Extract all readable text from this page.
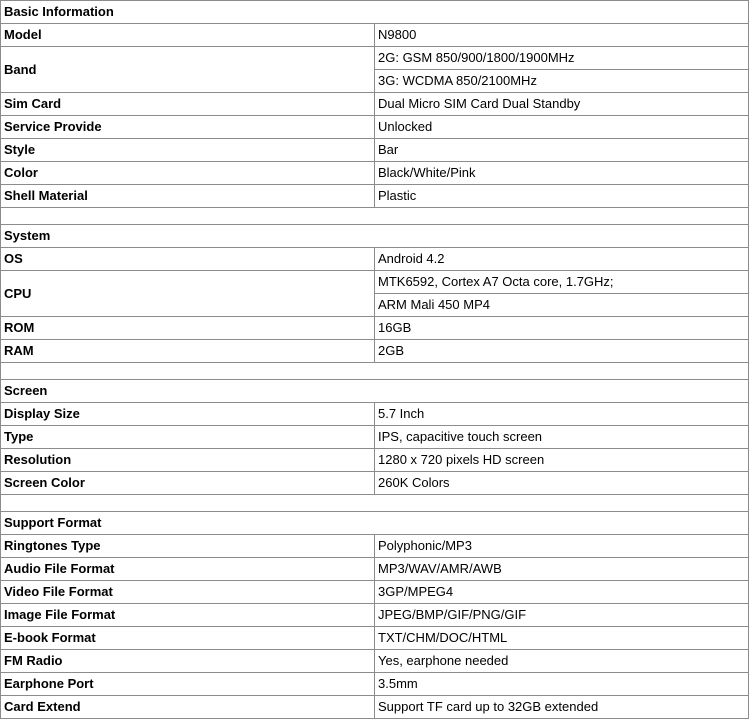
Basic Information	
Model	N9800
Band	2G: GSM 850/900/1800/1900MHz
	3G: WCDMA 850/2100MHz
Sim Card	Dual Micro SIM Card Dual Standby
Service Provide	Unlocked
Style	Bar
Color	Black/White/Pink
Shell Material	Plastic

System	
OS	Android 4.2
CPU	MTK6592, Cortex A7 Octa core, 1.7GHz;
	ARM Mali 450 MP4
ROM	16GB
RAM	2GB

Screen	
Display Size	5.7 Inch
Type	IPS, capacitive touch screen
Resolution	1280 x 720 pixels HD screen
Screen Color	260K Colors

Support Format	
Ringtones Type	Polyphonic/MP3
Audio File Format	MP3/WAV/AMR/AWB
Video File Format	3GP/MPEG4
Image File Format	JPEG/BMP/GIF/PNG/GIF
E-book Format	TXT/CHM/DOC/HTML
FM Radio	Yes, earphone needed
Earphone Port	3.5mm
Card Extend	Support TF card up to 32GB extended
